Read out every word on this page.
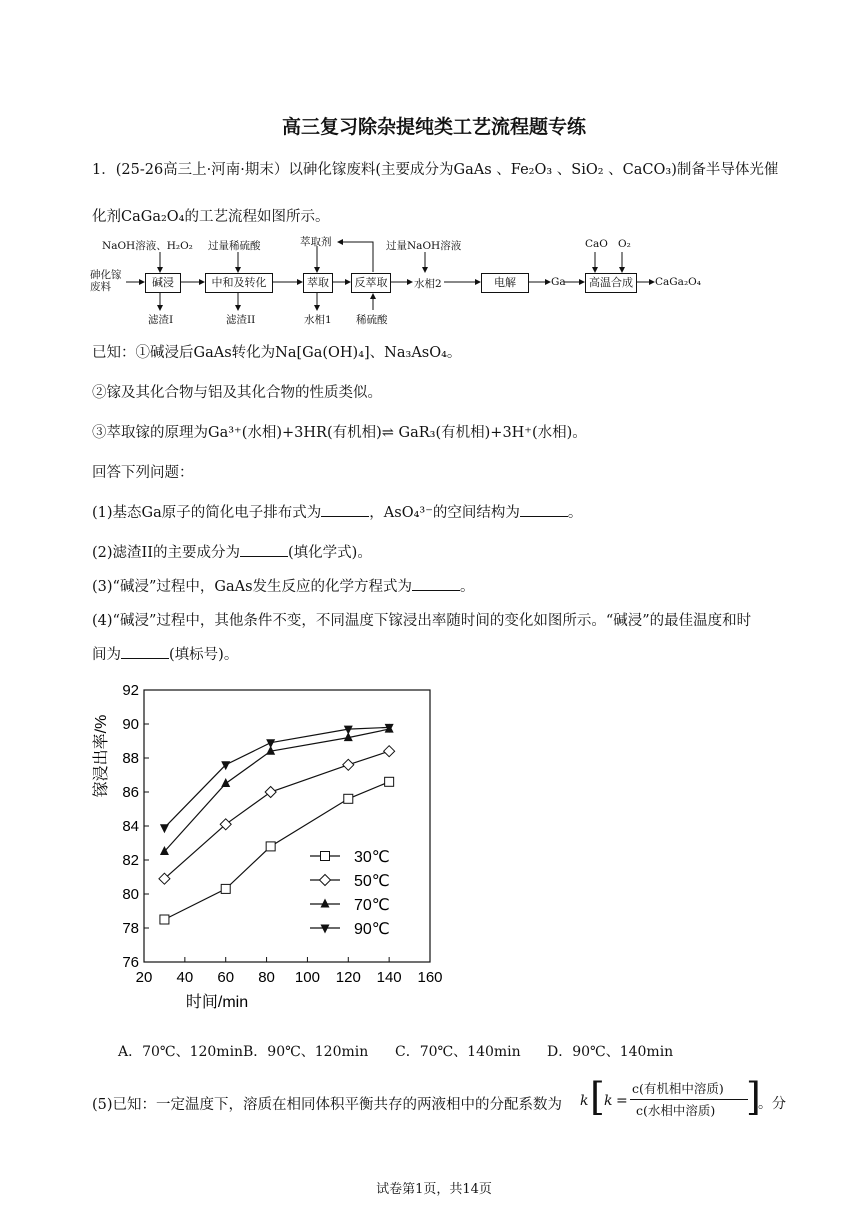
高三复习除杂提纯类工艺流程题专练
1．(25-26高三上·河南·期末）以砷化镓废料(主要成分为GaAs 、Fe₂O₃ 、SiO₂ 、CaCO₃)制备半导体光催
化剂CaGa₂O₄的工艺流程如图所示。
砷化镓
废料	碱浸	中和及转化	萃取	反萃取	电解	高温合成
NaOH溶液、H₂O₂ 过量稀硫酸	萃取剂	过量NaOH溶液	CaO O₂
滤渣I	滤渣II	水相1 稀硫酸
水相2	Ga	CaGa₂O₄
已知：①碱浸后GaAs转化为Na[Ga(OH)₄]、Na₃AsO₄。
②镓及其化合物与铝及其化合物的性质类似。
③萃取镓的原理为Ga³⁺(水相)+3HR(有机相)⇌ GaR₃(有机相)+3H⁺(水相)。
回答下列问题：
(1)基态Ga原子的简化电子排布式为	，AsO₄³⁻的空间结构为	。
(2)滤渣II的主要成分为	(填化学式)。
(3)“碱浸”过程中，GaAs发生反应的化学方程式为	。
(4)“碱浸”过程中，其他条件不变，不同温度下镓浸出率随时间的变化如图所示。“碱浸”的最佳温度和时
间为	(填标号)。
20 40 60 80 100 120 140 160
76
78
80
82
84
86
88
90
92
时间/min
镓浸出率/%
30℃
50℃
70℃
90℃
A．70℃、120min B．90℃、120min C．70℃、140min D．90℃、140min
(5)已知：一定温度下，溶质在相同体积平衡共存的两液相中的分配系数为 k [ k =
c(有机相中溶质)
c(水相中溶质) ]
。分
试卷第1页，共14页
